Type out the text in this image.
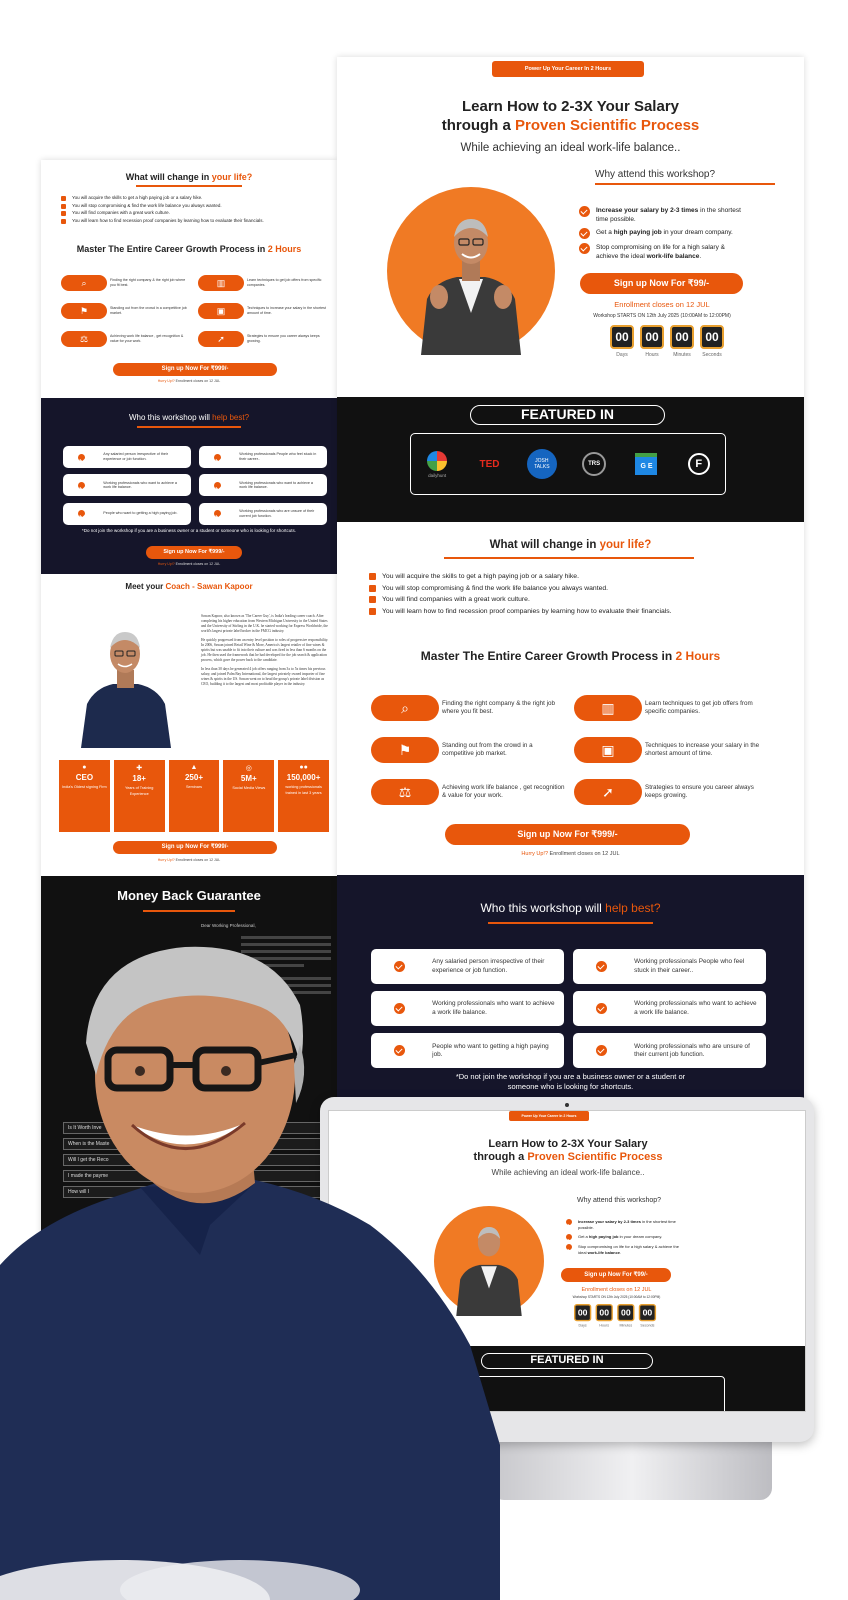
What will change in your life?
You will acquire the skills to get a high paying job or a salary hike.
You will stop compromising & find the work life balance you always wanted.
You will find companies with a great work culture.
You will learn how to find recession proof companies by learning how to evaluate their financials.
Master The Entire Career Growth Process in 2 Hours
⌕	Finding the right company & the right job where you fit best.	▥	Learn techniques to get job offers from specific companies.
⚑	Standing out from the crowd in a competitive job market.	▣	Techniques to increase your salary in the shortest amount of time.
⚖	Achieving work life balance , get recognition & value for your work.	➚	Strategies to ensure you career always keeps growing.
Sign up Now For ₹999/-
Hurry Up!? Enrollment closes on 12 JUL
Who this workshop will help best?
Any salaried person irrespective of their experience or job function.
Working professionals People who feel stuck in their career..
Working professionals who want to achieve a work life balance.
Working professionals who want to achieve a work life balance.
People who want to getting a high paying job.
Working professionals who are unsure of their current job function.
*Do not join the workshop if you are a business owner or a student or someone who is looking for shortcuts.
Sign up Now For ₹999/-
Hurry Up!? Enrollment closes on 12 JUL
Meet your Coach - Sawan Kapoor

Sawan Kapoor, also known as 'The Career Guy', is India's leading career coach. After completing his higher education from Western Michigan University in the United States and the University of Stirling in the U.K. he started working for Express Worldwide, the world's largest private label broker in the FMCG industry.

He quickly progressed from an entry level position to roles of progressive responsibility. In 2006, Sawan joined Retail Wine & More, America's largest retailer of fine wines & spirits but was unable to fit into their culture and was fired in less than 6 months on the job. He then used the framework that he had developed for the job search & application process, which gave the power back to the candidate.

In less than 30 days he generated 4 job offers ranging from 3x to 5x times his previous salary, and joined Palm Bay International, the largest privately owned importer of fine wines & spirits in the US. Sawan went on to head the group's private label division as CEO, building it to the largest and most profitable player in the industry.

●
CEO
India's Oldest signing Firm
✚
18+
Years of Training Experience
▲
250+
Seminars
◎
5M+
Social Media Views
●●
150,000+
working professionals trained in last 3 years
Sign up Now For ₹999/-
Hurry Up!? Enrollment closes on 12 JUL
Money Back Guarantee
Dear Working Professional,
Is It Worth Inve
When is the Maste
Will I get the Reco
I made the payme
How will I
Power Up Your Career In 2 Hours
Learn How to 2-3X Your Salary
through a Proven Scientific Process
While achieving an ideal work-life balance..
Why attend this workshop?
Increase your salary by 2-3 times in the shortest time possible.
Get a high paying job in your dream company.
Stop compromising on life for a high salary & achieve the ideal work-life balance.
Sign up Now For ₹99/-
Enrollment closes on 12 JUL
Workshop STARTS ON 12th July 2025 (10:00AM to 12:00PM)
00
Days
00
Hours
00
Minutes
00
Seconds
FEATURED IN
dailyhunt
TED	JOSH TALKS	TRS	G E	F
What will change in your life?
You will acquire the skills to get a high paying job or a salary hike.
You will stop compromising & find the work life balance you always wanted.
You will find companies with a great work culture.
You will learn how to find recession proof companies by learning how to evaluate their financials.
Master The Entire Career Growth Process in 2 Hours
⌕	Finding the right company & the right job where you fit best.	▥	Learn techniques to get job offers from specific companies.
⚑	Standing out from the crowd in a competitive job market.	▣	Techniques to increase your salary in the shortest amount of time.
⚖	Achieving work life balance , get recognition & value for your work.	➚	Strategies to ensure you career always keeps growing.
Sign up Now For ₹999/-
Hurry Up!? Enrollment closes on 12 JUL
Who this workshop will help best?
Any salaried person irrespective of their experience or job function.
Working professionals People who feel stuck in their career..
Working professionals who want to achieve a work life balance.
Working professionals who want to achieve a work life balance.
People who want to getting a high paying job.
Working professionals who are unsure of their current job function.
*Do not join the workshop if you are a business owner or a student or someone who is looking for shortcuts.
Power Up Your Career In 2 Hours
Learn How to 2-3X Your Salary
through a Proven Scientific Process
While achieving an ideal work-life balance..
Why attend this workshop?
Increase your salary by 2-3 times in the shortest time possible.
Get a high paying job in your dream company.
Stop compromising on life for a high salary & achieve the ideal work-life balance.
Sign up Now For ₹99/-
Enrollment closes on 12 JUL
Workshop STARTS ON 12th July 2025 (10:00AM to 12:00PM)
00
Days
00
Hours
00
Minutes
00
Seconds
FEATURED IN
